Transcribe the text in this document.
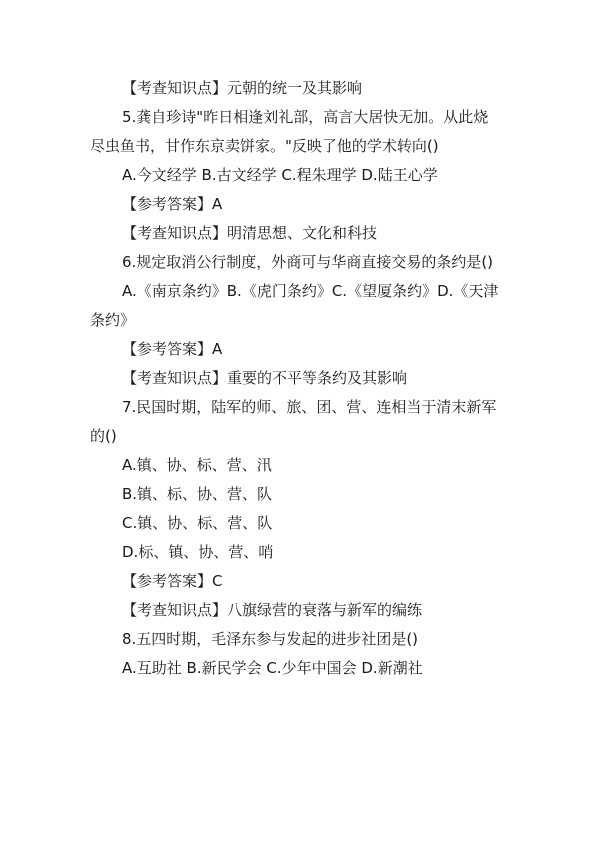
【考查知识点】元朝的统一及其影响

5.龚自珍诗"昨日相逢刘礼部，高言大居快无加。从此烧尽虫鱼书，甘作东京卖饼家。"反映了他的学术转向()

A.今文经学 B.古文经学 C.程朱理学 D.陆王心学

【参考答案】A

【考查知识点】明清思想、文化和科技

6.规定取消公行制度，外商可与华商直接交易的条约是()

A.《南京条约》B.《虎门条约》C.《望厦条约》D.《天津条约》

【参考答案】A

【考查知识点】重要的不平等条约及其影响

7.民国时期，陆军的师、旅、团、营、连相当于清末新军的()

A.镇、协、标、营、汛

B.镇、标、协、营、队

C.镇、协、标、营、队

D.标、镇、协、营、哨

【参考答案】C

【考查知识点】八旗绿营的衰落与新军的编练

8.五四时期，毛泽东参与发起的进步社团是()

A.互助社 B.新民学会 C.少年中国会 D.新潮社
